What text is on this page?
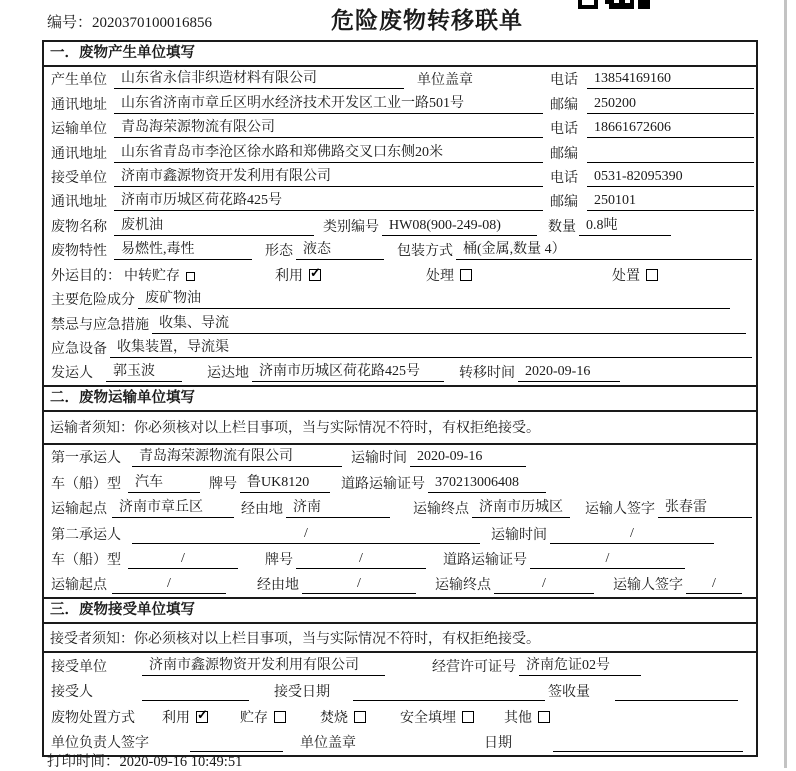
编号：2020370100016856	危险废物转移联单
一．废物产生单位填写
产生单位	山东省永信非织造材料有限公司	单位盖章	电话	13854169160
通讯地址	山东省济南市章丘区明水经济技术开发区工业一路501号	邮编	250200
运输单位	青岛海荣源物流有限公司	电话	18661672606
通讯地址	山东省青岛市李沧区徐水路和郑佛路交叉口东侧20米	邮编
接受单位	济南市鑫源物资开发利用有限公司	电话	0531-82095390
通讯地址	济南市历城区荷花路425号	邮编	250101
废物名称	废机油	类别编号 HW08(900-249-08)	数量 0.8吨
废物特性	易燃性,毒性	形态 液态	包装方式 桶(金属,数量 4）
外运目的： 中转贮存	利用 ✓	处理	处置
主要危险成分 废矿物油
禁忌与应急措施 收集、导流
应急设备 收集装置，导流渠
发运人	郭玉波	运达地 济南市历城区荷花路425号	转移时间 2020-09-16
二．废物运输单位填写
运输者须知：你必须核对以上栏目事项，当与实际情况不符时，有权拒绝接受。
第一承运人	青岛海荣源物流有限公司	运输时间 2020-09-16
车（船）型	汽车	牌号 鲁UK8120	道路运输证号 370213006408
运输起点 济南市章丘区	经由地 济南	运输终点 济南市历城区	运输人签字 张春雷
第二承运人	/	运输时间	/
车（船）型	/	牌号	/	道路运输证号	/
运输起点	/	经由地	/	运输终点	/	运输人签字	/
三．废物接受单位填写
接受者须知：你必须核对以上栏目事项，当与实际情况不符时，有权拒绝接受。
接受单位	济南市鑫源物资开发利用有限公司	经营许可证号 济南危证02号
接受人	接受日期	签收量
废物处置方式	利用 ✓	贮存	焚烧	安全填埋	其他
单位负责人签字	单位盖章	日期
打印时间：2020-09-16 10:49:51
